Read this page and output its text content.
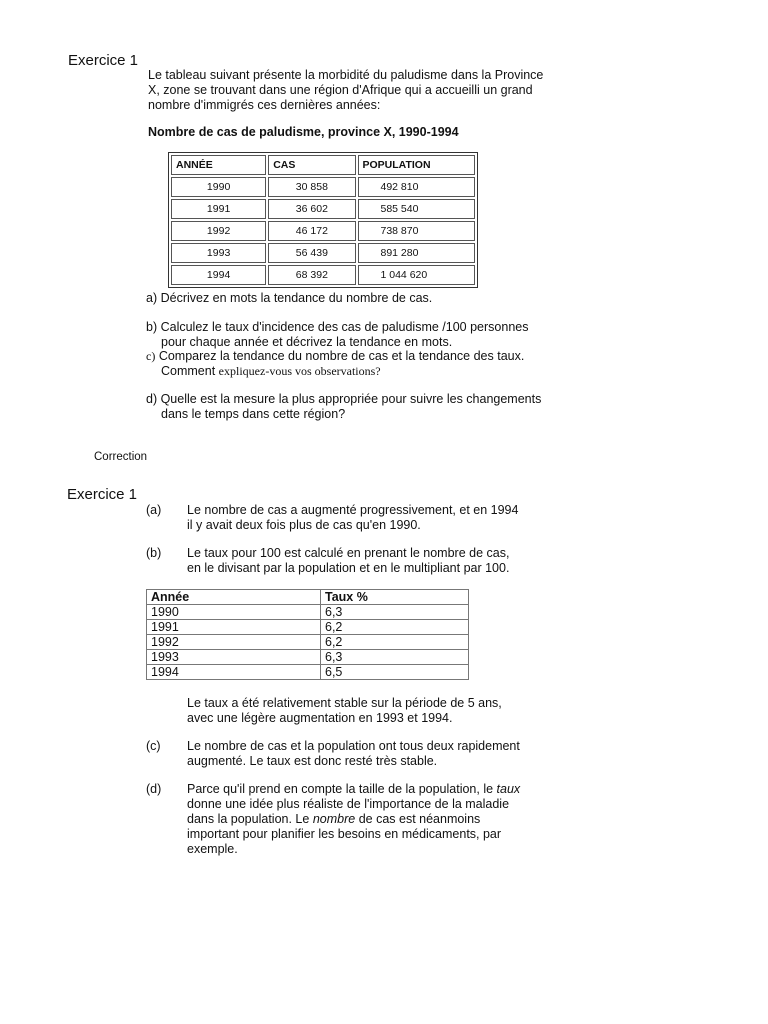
Exercice 1
Le tableau suivant présente la morbidité du paludisme dans la Province
X, zone se trouvant dans une région d'Afrique qui a accueilli un grand
nombre d'immigrés ces dernières années:
Nombre de cas de paludisme, province X, 1990-1994
ANNÉE	CAS	POPULATION
1990	30 858	492 810
1991	36 602	585 540
1992	46 172	738 870
1993	56 439	891 280
1994	68 392	1 044 620
a) Décrivez en mots la tendance du nombre de cas.
b) Calculez le taux d'incidence des cas de paludisme /100 personnes
pour chaque année et décrivez la tendance en mots.
c) Comparez la tendance du nombre de cas et la tendance des taux.
Comment expliquez-vous vos observations?
d) Quelle est la mesure la plus appropriée pour suivre les changements
dans le temps dans cette région?
Correction
Exercice 1
(a) Le nombre de cas a augmenté progressivement, et en 1994
il y avait deux fois plus de cas qu'en 1990.
(b) Le taux pour 100 est calculé en prenant le nombre de cas,
en le divisant par la population et en le multipliant par 100.
Année	Taux %
1990	6,3
1991	6,2
1992	6,2
1993	6,3
1994	6,5
Le taux a été relativement stable sur la période de 5 ans,
avec une légère augmentation en 1993 et 1994.
(c) Le nombre de cas et la population ont tous deux rapidement
augmenté. Le taux est donc resté très stable.
(d) Parce qu'il prend en compte la taille de la population, le taux
donne une idée plus réaliste de l'importance de la maladie
dans la population. Le nombre de cas est néanmoins
important pour planifier les besoins en médicaments, par
exemple.
